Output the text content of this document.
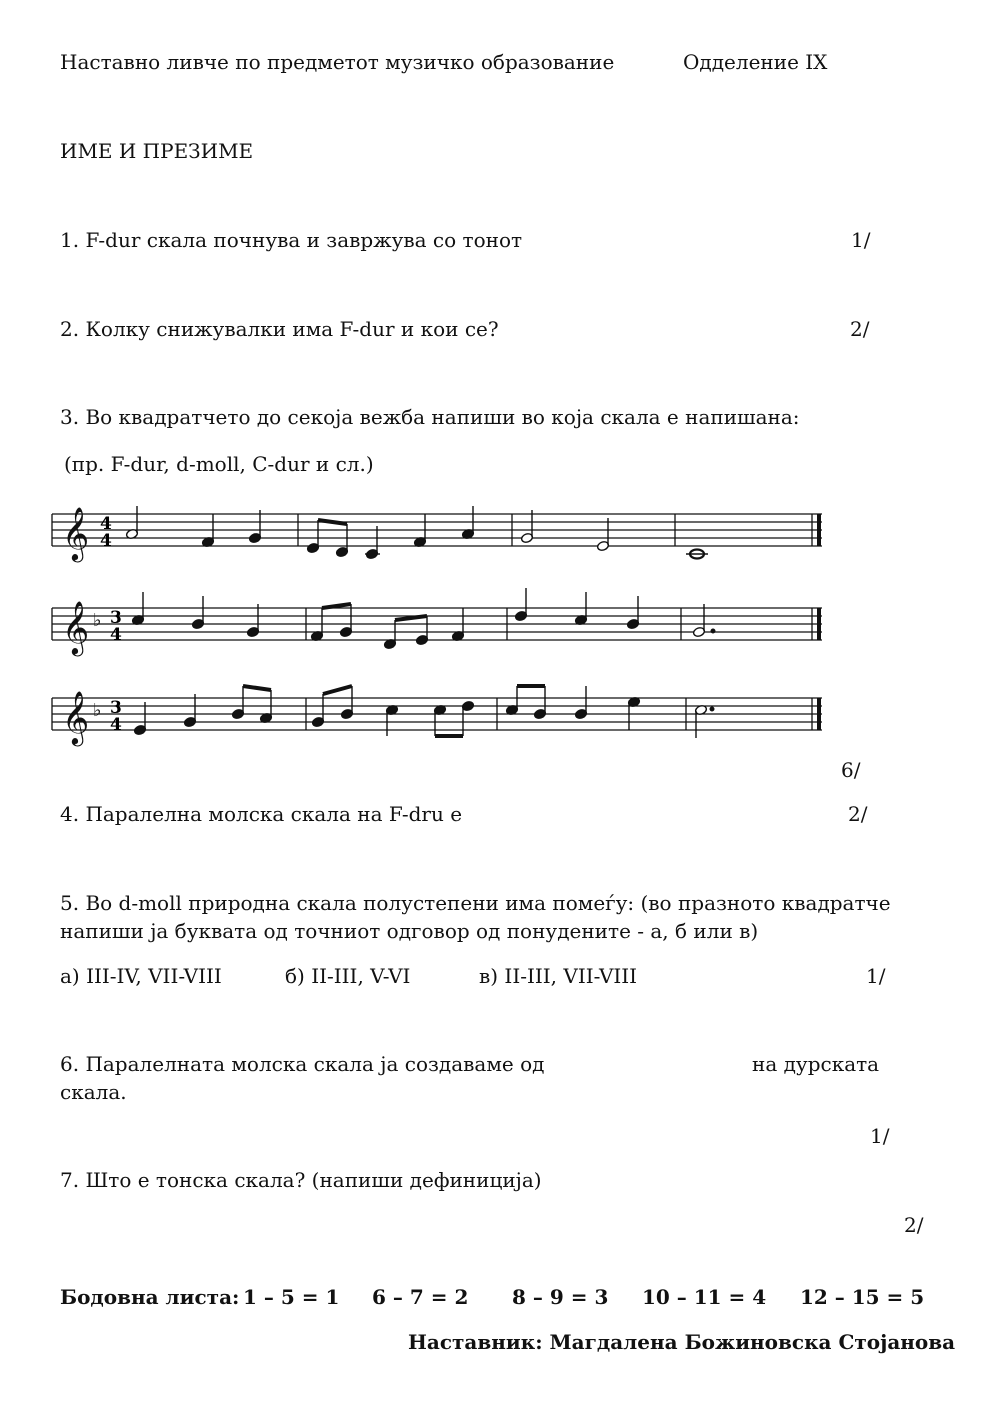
Наставно ливче по предметот музичко образование	Одделение IX
ИМЕ И ПРЕЗИМЕ
1. F-dur скала почнува и завржува со тонот	1/
2. Колку снижувалки има F-dur и кои се?	2/
3. Во квадратчето до секоја вежба напиши во која скала е напишана:
(пр. F-dur, d-moll, C-dur и сл.)
𝄞 4
4
𝄞 ♭ 3
4
𝄞 ♭ 3
4
6/
4. Паралелна молска скала на F-dru е	2/
5. Во d-moll природна скала полустепени има помеѓу: (во празното квадратче
напиши ја буквата од точниот одговор од понудените - а, б или в)
а) III-IV, VII-VIII	б) II-III, V-VI	в) II-III, VII-VIII	1/
6. Паралелната молска скала ја создаваме од	на дурската
скала.
1/
7. Што е тонска скала? (напиши дефиниција)
2/
Бодовна листа: 1 – 5 = 1 6 – 7 = 2 8 – 9 = 3 10 – 11 = 4 12 – 15 = 5
Наставник: Магдалена Божиновска Стојанова
